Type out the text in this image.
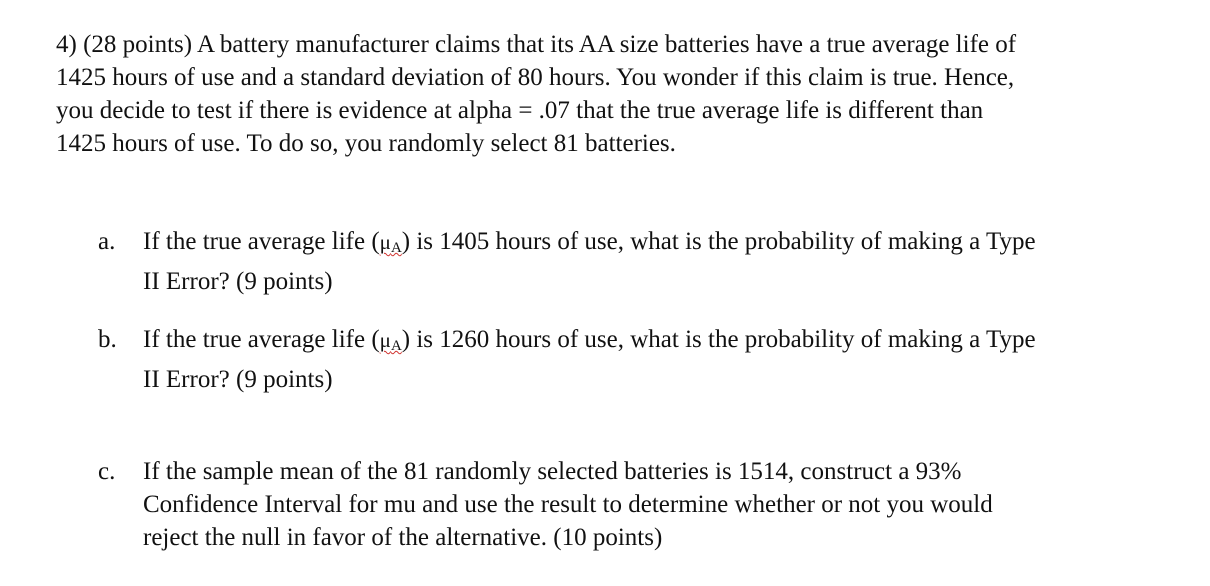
4) (28 points) A battery manufacturer claims that its AA size batteries have a true average life of
1425 hours of use and a standard deviation of 80 hours. You wonder if this claim is true. Hence,
you decide to test if there is evidence at alpha = .07 that the true average life is different than
1425 hours of use. To do so, you randomly select 81 batteries.
a.	If the true average life $(\mu_A)$ is 1405 hours of use, what is the probability of making a Type
II Error? (9 points)
b.	If the true average life $(\mu_A)$ is 1260 hours of use, what is the probability of making a Type
II Error? (9 points)
c.	If the sample mean of the 81 randomly selected batteries is 1514, construct a 93%
Confidence Interval for mu and use the result to determine whether or not you would
reject the null in favor of the alternative. (10 points)
